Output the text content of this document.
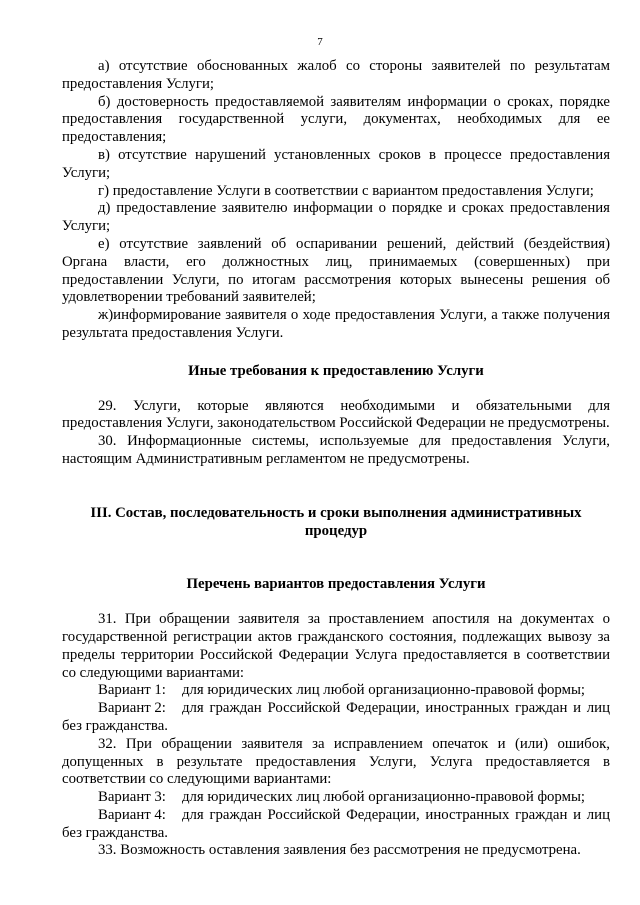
7

а) отсутствие обоснованных жалоб со стороны заявителей по результатам предоставления Услуги;

б) достоверность предоставляемой заявителям информации о сроках, порядке предоставления государственной услуги, документах, необходимых для ее предоставления;

в) отсутствие нарушений установленных сроков в процессе предоставления Услуги;

г) предоставление Услуги в соответствии с вариантом предоставления Услуги;

д) предоставление заявителю информации о порядке и сроках предоставления Услуги;

е) отсутствие заявлений об оспаривании решений, действий (бездействия) Органа власти, его должностных лиц, принимаемых (совершенных) при предоставлении Услуги, по итогам рассмотрения которых вынесены решения об удовлетворении требований заявителей;

ж)информирование заявителя о ходе предоставления Услуги, а также получения результата предоставления Услуги.

Иные требования к предоставлению Услуги

29. Услуги, которые являются необходимыми и обязательными для предоставления Услуги, законодательством Российской Федерации не предусмотрены.

30. Информационные системы, используемые для предоставления Услуги, настоящим Административным регламентом не предусмотрены.

III. Состав, последовательность и сроки выполнения административных процедур

Перечень вариантов предоставления Услуги

31. При обращении заявителя за проставлением апостиля на документах о государственной регистрации актов гражданского состояния, подлежащих вывозу за пределы территории Российской Федерации Услуга предоставляется в соответствии со следующими вариантами:

Вариант 1: для юридических лиц любой организационно-правовой формы;

Вариант 2: для граждан Российской Федерации, иностранных граждан и лиц без гражданства.

32. При обращении заявителя за исправлением опечаток и (или) ошибок, допущенных в результате предоставления Услуги, Услуга предоставляется в соответствии со следующими вариантами:

Вариант 3: для юридических лиц любой организационно-правовой формы;

Вариант 4: для граждан Российской Федерации, иностранных граждан и лиц без гражданства.

33. Возможность оставления заявления без рассмотрения не предусмотрена.
